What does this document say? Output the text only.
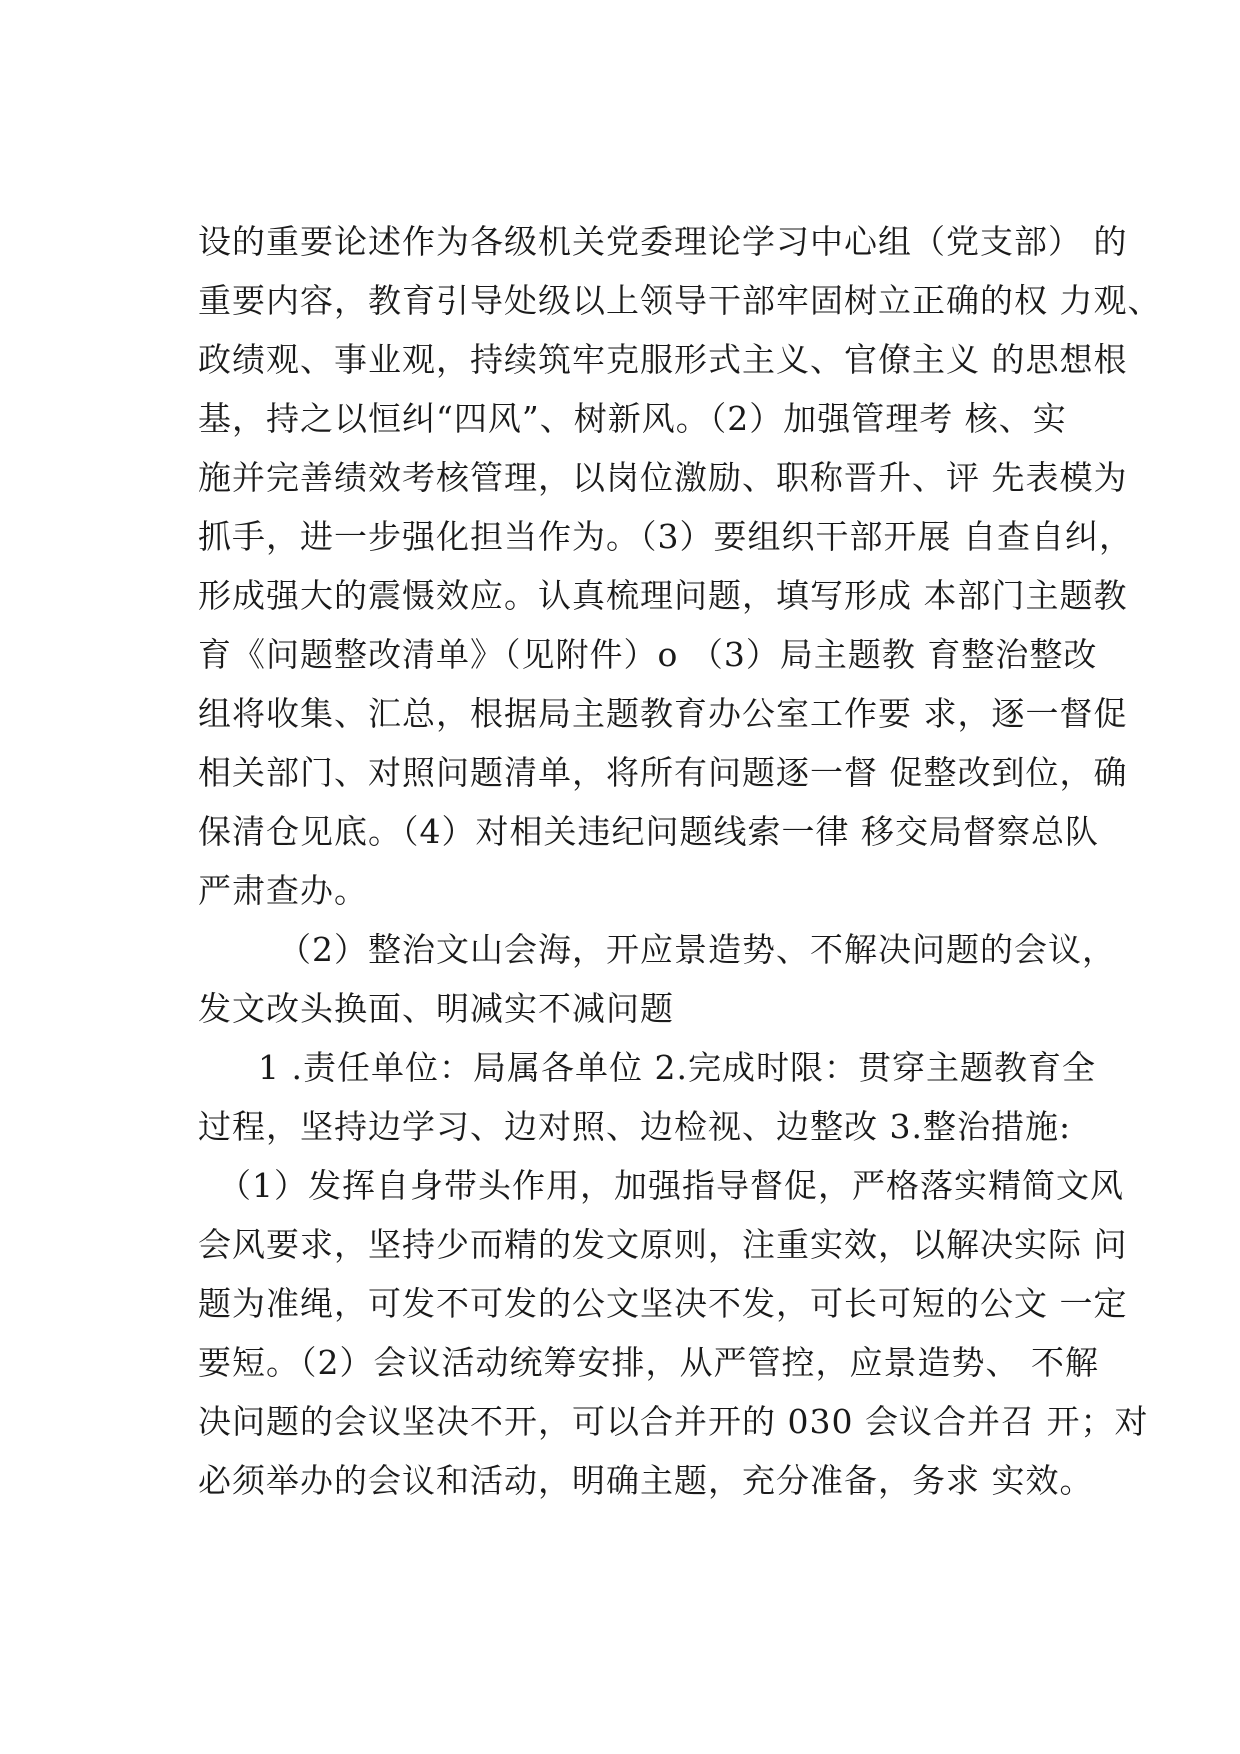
设的重要论述作为各级机关党委理论学习中心组（党支部） 的
重要内容，教育引导处级以上领导干部牢固树立正确的权 力观、
政绩观、事业观，持续筑牢克服形式主义、官僚主义 的思想根
基，持之以恒纠“四风”、树新风。（2）加强管理考 核、实
施并完善绩效考核管理，以岗位激励、职称晋升、评 先表模为
抓手，进一步强化担当作为。（3）要组织干部开展 自查自纠，
形成强大的震慑效应。认真梳理问题，填写形成 本部门主题教
育《问题整改清单》（见附件）o （3）局主题教 育整治整改
组将收集、汇总，根据局主题教育办公室工作要 求，逐一督促
相关部门、对照问题清单，将所有问题逐一督 促整改到位，确
保清仓见底。（4）对相关违纪问题线索一律 移交局督察总队
严肃查办。
（2）整治文山会海，开应景造势、不解决问题的会议，
发文改头换面、明减实不减问题
1 .责任单位：局属各单位 2.完成时限：贯穿主题教育全
过程，坚持边学习、边对照、边检视、边整改 3.整治措施:
（1）发挥自身带头作用，加强指导督促，严格落实精简文风
会风要求，坚持少而精的发文原则，注重实效，以解决实际 问
题为准绳，可发不可发的公文坚决不发，可长可短的公文 一定
要短。（2）会议活动统筹安排，从严管控，应景造势、 不解
决问题的会议坚决不开，可以合并开的 030 会议合并召 开；对
必须举办的会议和活动，明确主题，充分准备，务求 实效。
